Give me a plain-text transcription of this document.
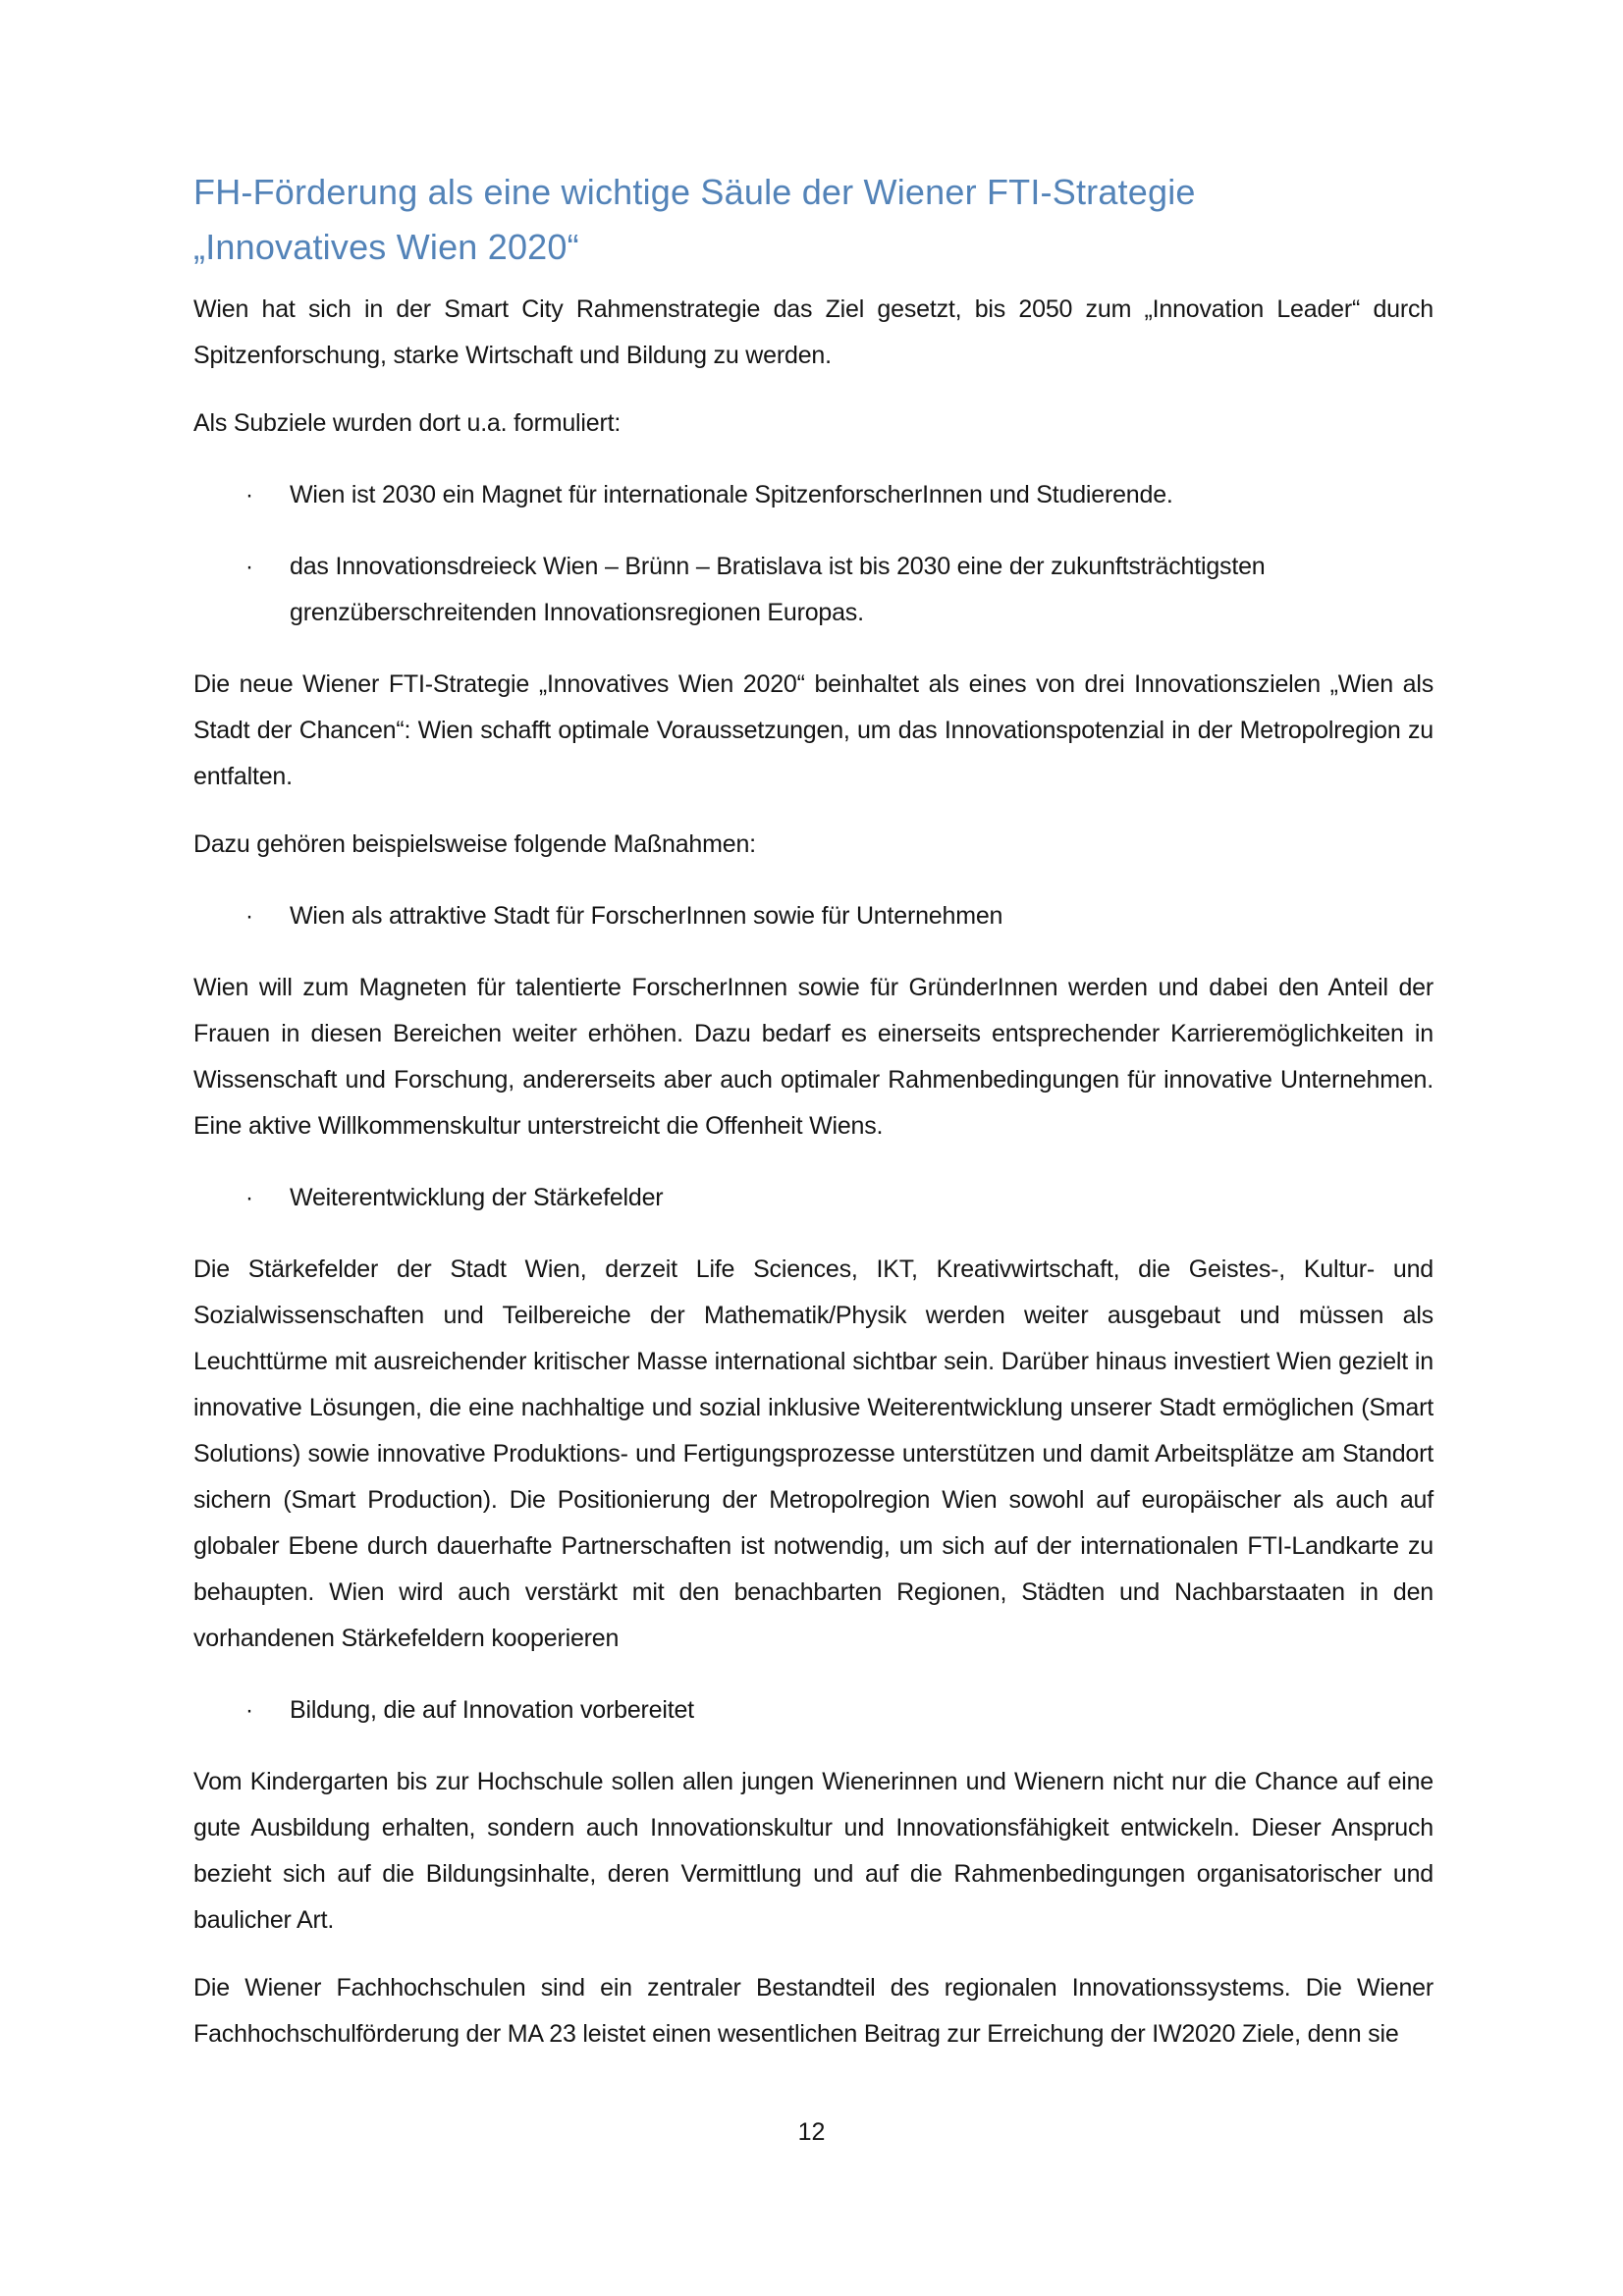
FH-Förderung als eine wichtige Säule der Wiener FTI-Strategie
„Innovatives Wien 2020“

Wien hat sich in der Smart City Rahmenstrategie das Ziel gesetzt, bis 2050 zum „Innovation Leader“ durch Spitzenforschung, starke Wirtschaft und Bildung zu werden.

Als Subziele wurden dort u.a. formuliert:

· Wien ist 2030 ein Magnet für internationale SpitzenforscherInnen und Studierende.
· das Innovationsdreieck Wien – Brünn – Bratislava ist bis 2030 eine der zukunftsträchtigsten grenzüberschreitenden Innovationsregionen Europas.

Die neue Wiener FTI-Strategie „Innovatives Wien 2020“ beinhaltet als eines von drei Innovationszielen „Wien als Stadt der Chancen“: Wien schafft optimale Voraussetzungen, um das Innovationspotenzial in der Metropolregion zu entfalten.

Dazu gehören beispielsweise folgende Maßnahmen:

· Wien als attraktive Stadt für ForscherInnen sowie für Unternehmen

Wien will zum Magneten für talentierte ForscherInnen sowie für GründerInnen werden und dabei den Anteil der Frauen in diesen Bereichen weiter erhöhen. Dazu bedarf es einerseits entsprechender Karrieremöglichkeiten in Wissenschaft und Forschung, andererseits aber auch optimaler Rahmenbedingungen für innovative Unternehmen. Eine aktive Willkommenskultur unterstreicht die Offenheit Wiens.

· Weiterentwicklung der Stärkefelder

Die Stärkefelder der Stadt Wien, derzeit Life Sciences, IKT, Kreativwirtschaft, die Geistes-, Kultur- und Sozialwissenschaften und Teilbereiche der Mathematik/Physik werden weiter ausgebaut und müssen als Leuchttürme mit ausreichender kritischer Masse international sichtbar sein. Darüber hinaus investiert Wien gezielt in innovative Lösungen, die eine nachhaltige und sozial inklusive Weiterentwicklung unserer Stadt ermöglichen (Smart Solutions) sowie innovative Produktions- und Fertigungsprozesse unterstützen und damit Arbeitsplätze am Standort sichern (Smart Production). Die Positionierung der Metropolregion Wien sowohl auf europäischer als auch auf globaler Ebene durch dauerhafte Partnerschaften ist notwendig, um sich auf der internationalen FTI-Landkarte zu behaupten. Wien wird auch verstärkt mit den benachbarten Regionen, Städten und Nachbarstaaten in den vorhandenen Stärkefeldern kooperieren

· Bildung, die auf Innovation vorbereitet

Vom Kindergarten bis zur Hochschule sollen allen jungen Wienerinnen und Wienern nicht nur die Chance auf eine gute Ausbildung erhalten, sondern auch Innovationskultur und Innovationsfähigkeit entwickeln. Dieser Anspruch bezieht sich auf die Bildungsinhalte, deren Vermittlung und auf die Rahmenbedingungen organisatorischer und baulicher Art.

Die Wiener Fachhochschulen sind ein zentraler Bestandteil des regionalen Innovationssystems. Die Wiener Fachhochschulförderung der MA 23 leistet einen wesentlichen Beitrag zur Erreichung der IW2020 Ziele, denn sie

12
